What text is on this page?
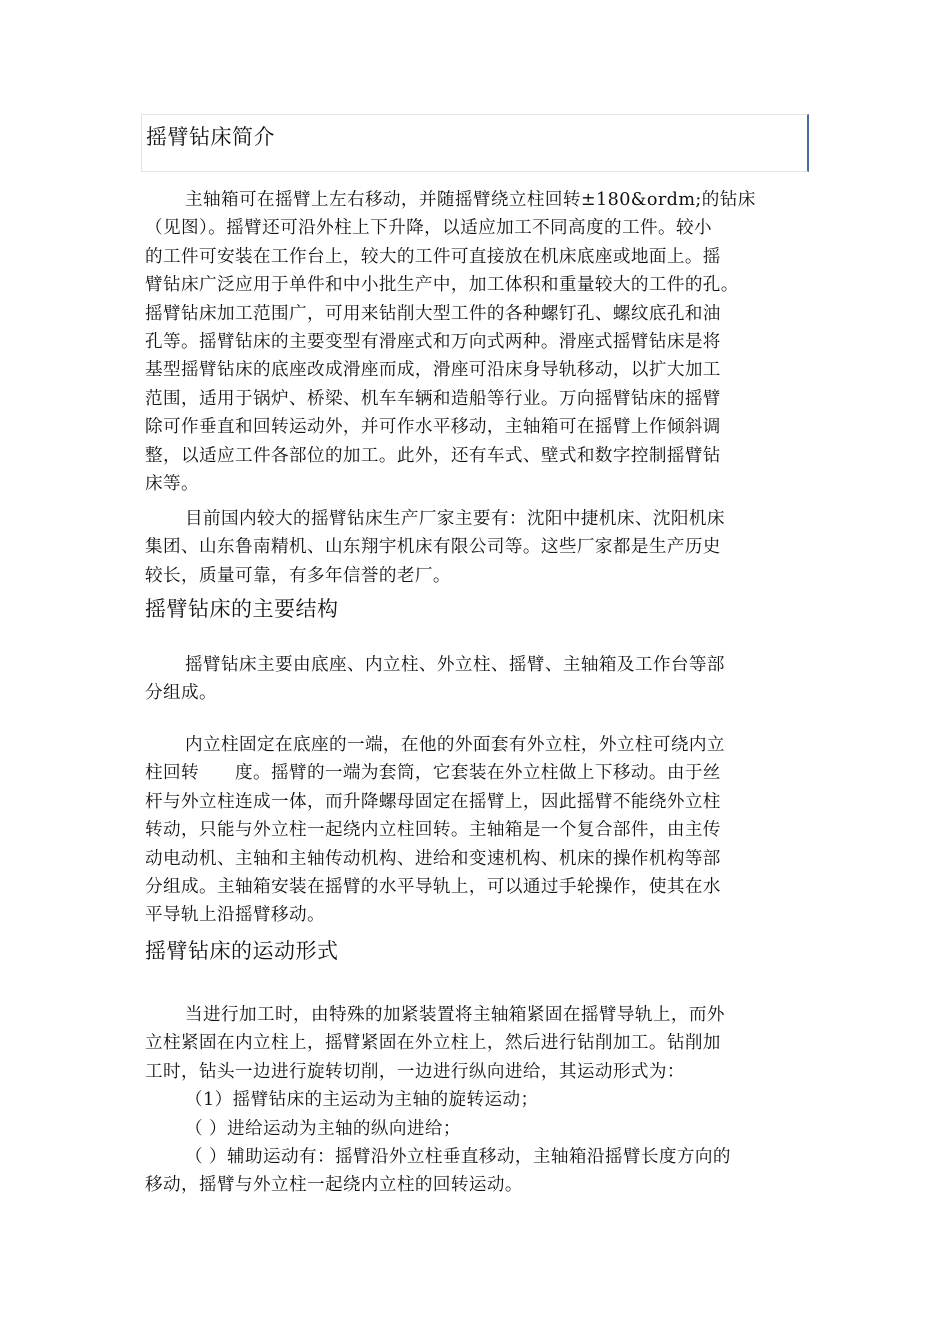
摇臂钻床简介
主轴箱可在摇臂上左右移动，并随摇臂绕立柱回转±180&ordm;的钻床
（见图）。摇臂还可沿外柱上下升降，以适应加工不同高度的工件。较小
的工件可安装在工作台上，较大的工件可直接放在机床底座或地面上。摇
臂钻床广泛应用于单件和中小批生产中，加工体积和重量较大的工件的孔。
摇臂钻床加工范围广，可用来钻削大型工件的各种螺钉孔、螺纹底孔和油
孔等。摇臂钻床的主要变型有滑座式和万向式两种。滑座式摇臂钻床是将
基型摇臂钻床的底座改成滑座而成，滑座可沿床身导轨移动，以扩大加工
范围，适用于锅炉、桥梁、机车车辆和造船等行业。万向摇臂钻床的摇臂
除可作垂直和回转运动外，并可作水平移动，主轴箱可在摇臂上作倾斜调
整，以适应工件各部位的加工。此外，还有车式、壁式和数字控制摇臂钻
床等。
目前国内较大的摇臂钻床生产厂家主要有：沈阳中捷机床、沈阳机床
集团、山东鲁南精机、山东翔宇机床有限公司等。这些厂家都是生产历史
较长，质量可靠，有多年信誉的老厂。
摇臂钻床的主要结构
摇臂钻床主要由底座、内立柱、外立柱、摇臂、主轴箱及工作台等部
分组成。
内立柱固定在底座的一端，在他的外面套有外立柱，外立柱可绕内立
柱回转　　度。摇臂的一端为套筒，它套装在外立柱做上下移动。由于丝
杆与外立柱连成一体，而升降螺母固定在摇臂上，因此摇臂不能绕外立柱
转动，只能与外立柱一起绕内立柱回转。主轴箱是一个复合部件，由主传
动电动机、主轴和主轴传动机构、进给和变速机构、机床的操作机构等部
分组成。主轴箱安装在摇臂的水平导轨上，可以通过手轮操作，使其在水
平导轨上沿摇臂移动。
摇臂钻床的运动形式
当进行加工时，由特殊的加紧装置将主轴箱紧固在摇臂导轨上，而外
立柱紧固在内立柱上，摇臂紧固在外立柱上，然后进行钻削加工。钻削加
工时，钻头一边进行旋转切削，一边进行纵向进给，其运动形式为：
（1）摇臂钻床的主运动为主轴的旋转运动；
（ ）进给运动为主轴的纵向进给；
（ ）辅助运动有：摇臂沿外立柱垂直移动，主轴箱沿摇臂长度方向的
移动，摇臂与外立柱一起绕内立柱的回转运动。
